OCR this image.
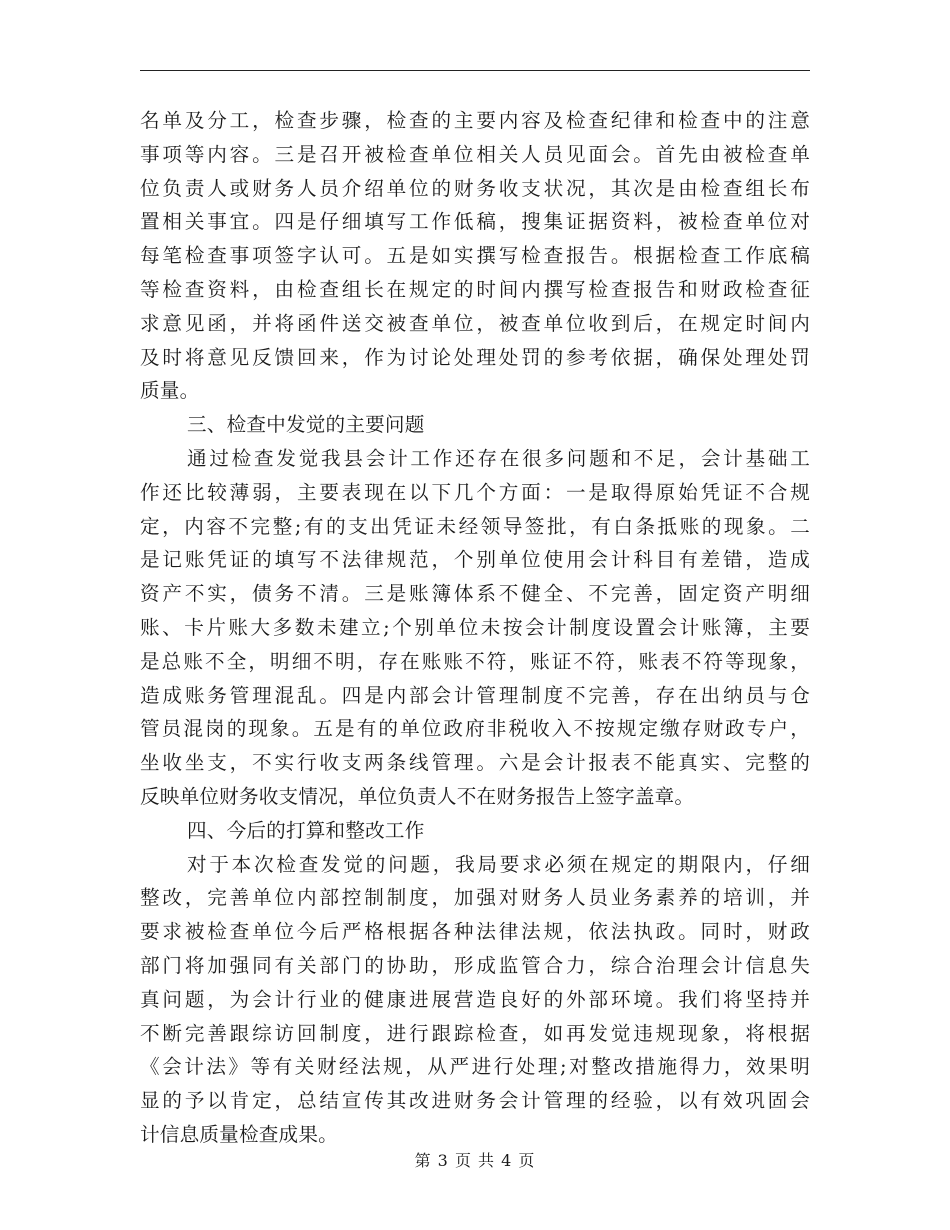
名单及分工，检查步骤，检查的主要内容及检查纪律和检查中的注意
事项等内容。三是召开被检查单位相关人员见面会。首先由被检查单
位负责人或财务人员介绍单位的财务收支状况，其次是由检查组长布
置相关事宜。四是仔细填写工作低稿，搜集证据资料，被检查单位对
每笔检查事项签字认可。五是如实撰写检查报告。根据检查工作底稿
等检查资料，由检查组长在规定的时间内撰写检查报告和财政检查征
求意见函，并将函件送交被查单位，被查单位收到后，在规定时间内
及时将意见反馈回来，作为讨论处理处罚的参考依据，确保处理处罚
质量。
三、检查中发觉的主要问题
通过检查发觉我县会计工作还存在很多问题和不足，会计基础工
作还比较薄弱，主要表现在以下几个方面：一是取得原始凭证不合规
定，内容不完整;有的支出凭证未经领导签批，有白条抵账的现象。二
是记账凭证的填写不法律规范，个别单位使用会计科目有差错，造成
资产不实，债务不清。三是账簿体系不健全、不完善，固定资产明细
账、卡片账大多数未建立;个别单位未按会计制度设置会计账簿，主要
是总账不全，明细不明，存在账账不符，账证不符，账表不符等现象，
造成账务管理混乱。四是内部会计管理制度不完善，存在出纳员与仓
管员混岗的现象。五是有的单位政府非税收入不按规定缴存财政专户，
坐收坐支，不实行收支两条线管理。六是会计报表不能真实、完整的
反映单位财务收支情况，单位负责人不在财务报告上签字盖章。
四、今后的打算和整改工作
对于本次检查发觉的问题，我局要求必须在规定的期限内，仔细
整改，完善单位内部控制制度，加强对财务人员业务素养的培训，并
要求被检查单位今后严格根据各种法律法规，依法执政。同时，财政
部门将加强同有关部门的协助，形成监管合力，综合治理会计信息失
真问题，为会计行业的健康进展营造良好的外部环境。我们将坚持并
不断完善跟综访回制度，进行跟踪检查，如再发觉违规现象，将根据
《会计法》等有关财经法规，从严进行处理;对整改措施得力，效果明
显的予以肯定，总结宣传其改进财务会计管理的经验，以有效巩固会
计信息质量检查成果。
第 3 页 共 4 页
